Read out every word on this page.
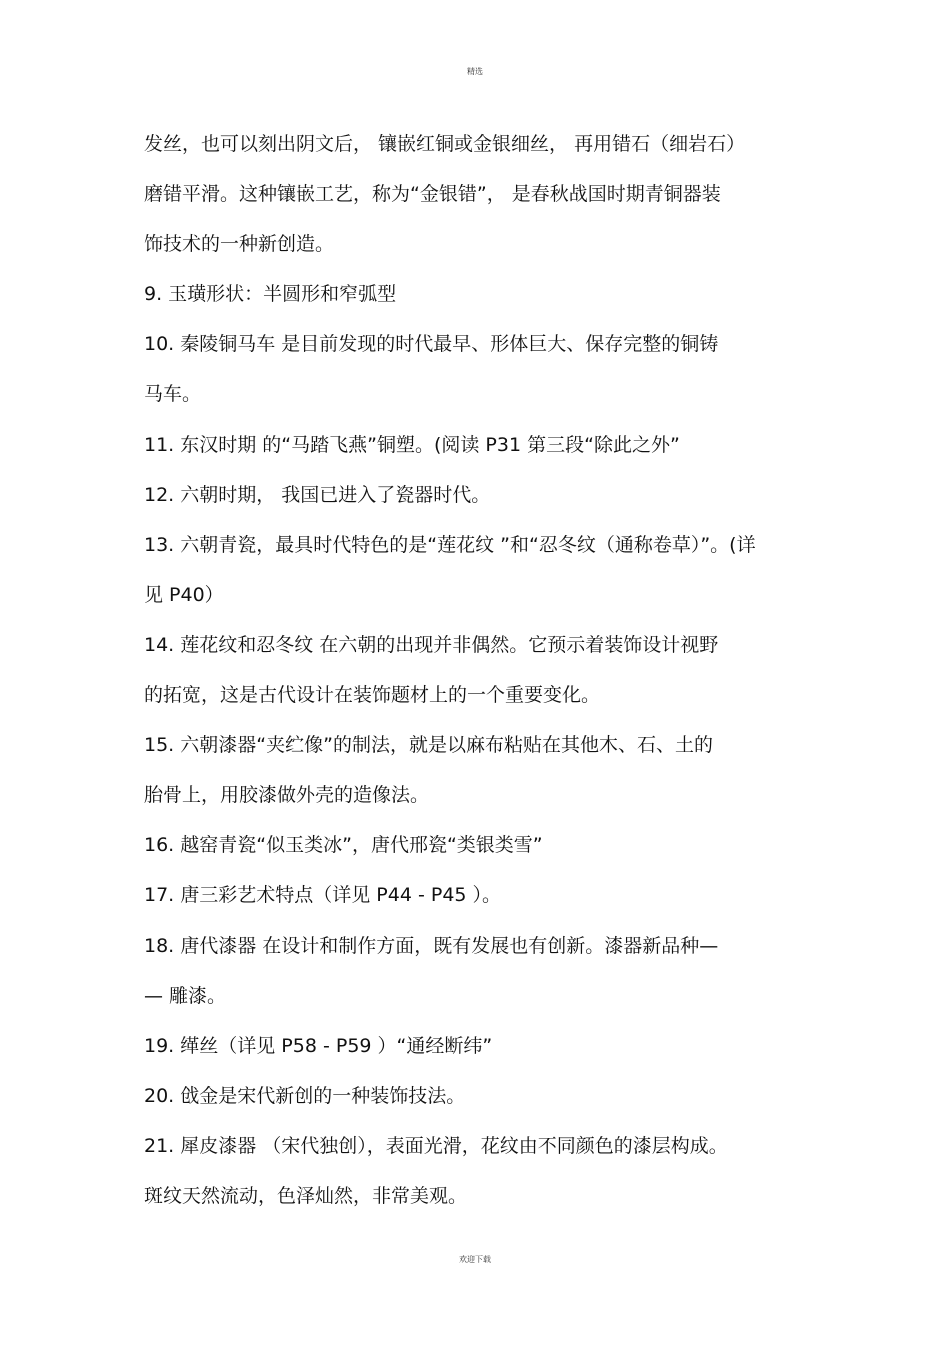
精选
发丝，也可以刻出阴文后， 镶嵌红铜或金银细丝， 再用错石（细岩石）
磨错平滑。这种镶嵌工艺，称为“金银错”， 是春秋战国时期青铜器装
饰技术的一种新创造。
9. 玉璜形状：半圆形和窄弧型
10. 秦陵铜马车 是目前发现的时代最早、形体巨大、保存完整的铜铸
马车。
11. 东汉时期 的“马踏飞燕”铜塑。(阅读 P31 第三段“除此之外”
12. 六朝时期， 我国已进入了瓷器时代。
13. 六朝青瓷，最具时代特色的是“莲花纹 ”和“忍冬纹（通称卷草）”。(详
见 P40）
14. 莲花纹和忍冬纹 在六朝的出现并非偶然。它预示着装饰设计视野
的拓宽，这是古代设计在装饰题材上的一个重要变化。
15. 六朝漆器“夹纻像”的制法，就是以麻布粘贴在其他木、石、土的
胎骨上，用胶漆做外壳的造像法。
16. 越窑青瓷“似玉类冰”，唐代邢瓷“类银类雪”
17. 唐三彩艺术特点（详见 P44 - P45 ）。
18. 唐代漆器 在设计和制作方面，既有发展也有创新。漆器新品种—
— 雕漆。
19. 缂丝（详见 P58 - P59 ）“通经断纬”
20. 戗金是宋代新创的一种装饰技法。
21. 犀皮漆器 （宋代独创），表面光滑，花纹由不同颜色的漆层构成。
斑纹天然流动，色泽灿然，非常美观。
欢迎下载
